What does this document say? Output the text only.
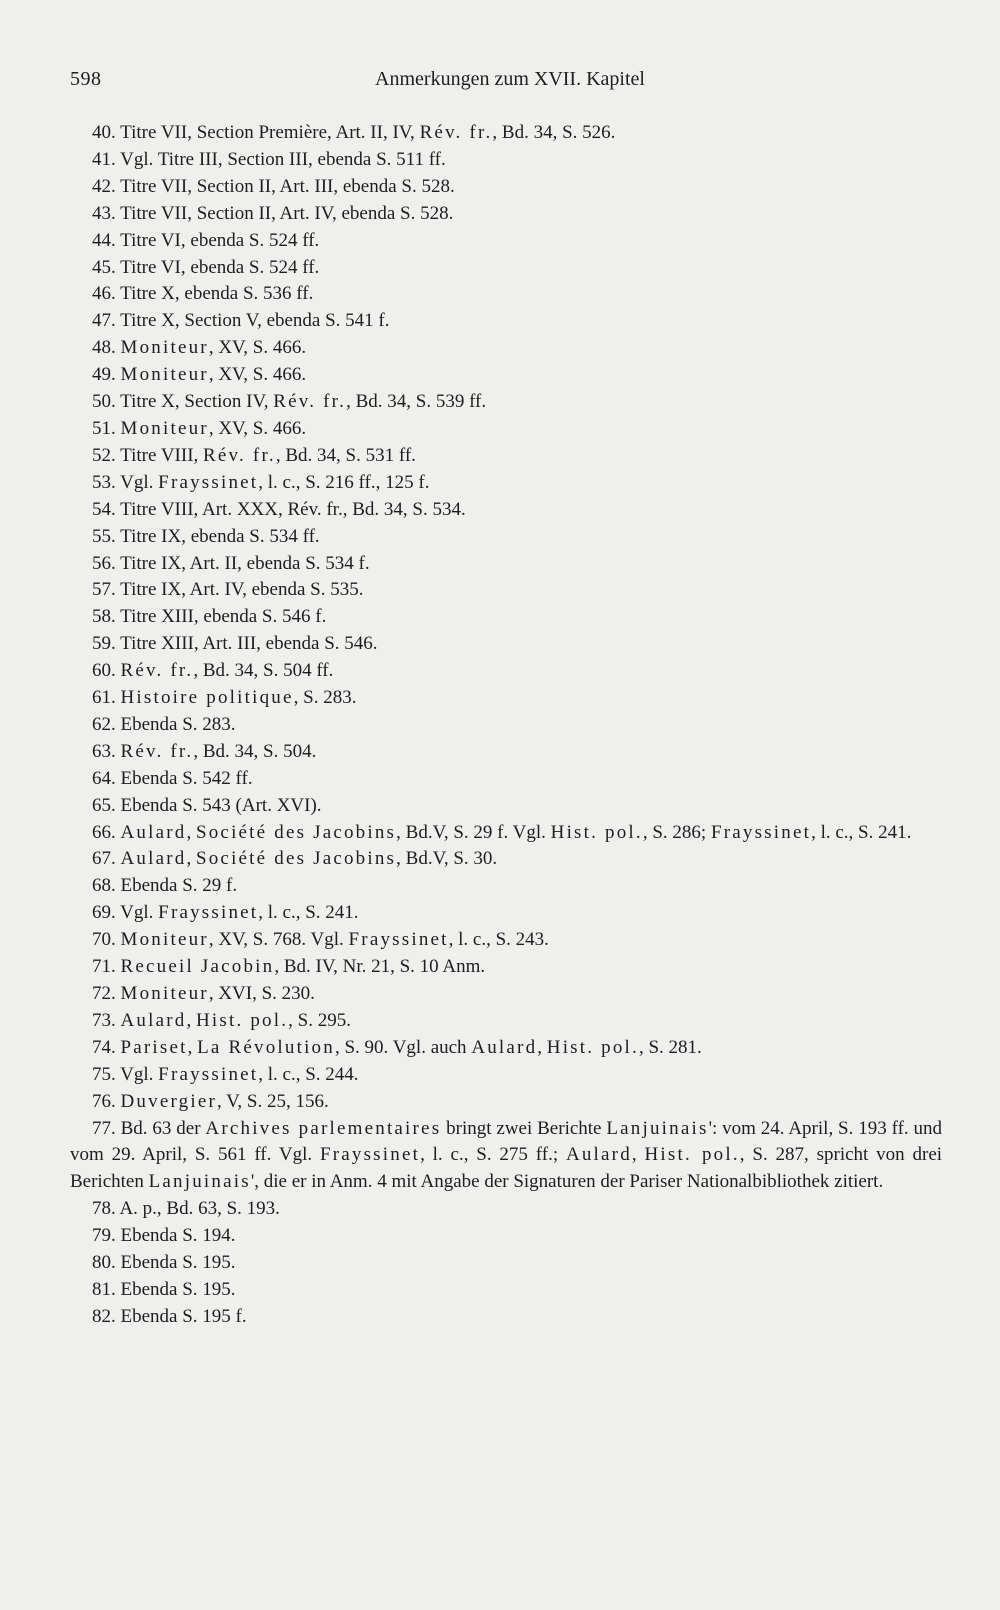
598	Anmerkungen zum XVII. Kapitel
40. Titre VII, Section Première, Art. II, IV, Rév. fr., Bd. 34, S. 526.
41. Vgl. Titre III, Section III, ebenda S. 511 ff.
42. Titre VII, Section II, Art. III, ebenda S. 528.
43. Titre VII, Section II, Art. IV, ebenda S. 528.
44. Titre VI, ebenda S. 524 ff.
45. Titre VI, ebenda S. 524 ff.
46. Titre X, ebenda S. 536 ff.
47. Titre X, Section V, ebenda S. 541 f.
48. Moniteur, XV, S. 466.
49. Moniteur, XV, S. 466.
50. Titre X, Section IV, Rév. fr., Bd. 34, S. 539 ff.
51. Moniteur, XV, S. 466.
52. Titre VIII, Rév. fr., Bd. 34, S. 531 ff.
53. Vgl. Frayssinet, l. c., S. 216 ff., 125 f.
54. Titre VIII, Art. XXX, Rév. fr., Bd. 34, S. 534.
55. Titre IX, ebenda S. 534 ff.
56. Titre IX, Art. II, ebenda S. 534 f.
57. Titre IX, Art. IV, ebenda S. 535.
58. Titre XIII, ebenda S. 546 f.
59. Titre XIII, Art. III, ebenda S. 546.
60. Rév. fr., Bd. 34, S. 504 ff.
61. Histoire politique, S. 283.
62. Ebenda S. 283.
63. Rév. fr., Bd. 34, S. 504.
64. Ebenda S. 542 ff.
65. Ebenda S. 543 (Art. XVI).
66. Aulard, Société des Jacobins, Bd.V, S. 29 f. Vgl. Hist. pol., S. 286; Frayssinet, l. c., S. 241.
67. Aulard, Société des Jacobins, Bd.V, S. 30.
68. Ebenda S. 29 f.
69. Vgl. Frayssinet, l. c., S. 241.
70. Moniteur, XV, S. 768. Vgl. Frayssinet, l. c., S. 243.
71. Recueil Jacobin, Bd. IV, Nr. 21, S. 10 Anm.
72. Moniteur, XVI, S. 230.
73. Aulard, Hist. pol., S. 295.
74. Pariset, La Révolution, S. 90. Vgl. auch Aulard, Hist. pol., S. 281.
75. Vgl. Frayssinet, l. c., S. 244.
76. Duvergier, V, S. 25, 156.
77. Bd. 63 der Archives parlementaires bringt zwei Berichte Lanjuinais': vom 24. April, S. 193 ff. und vom 29. April, S. 561 ff. Vgl. Frayssinet, l. c., S. 275 ff.; Aulard, Hist. pol., S. 287, spricht von drei Berichten Lanjuinais', die er in Anm. 4 mit Angabe der Signaturen der Pariser Nationalbibliothek zitiert.
78. A. p., Bd. 63, S. 193.
79. Ebenda S. 194.
80. Ebenda S. 195.
81. Ebenda S. 195.
82. Ebenda S. 195 f.
